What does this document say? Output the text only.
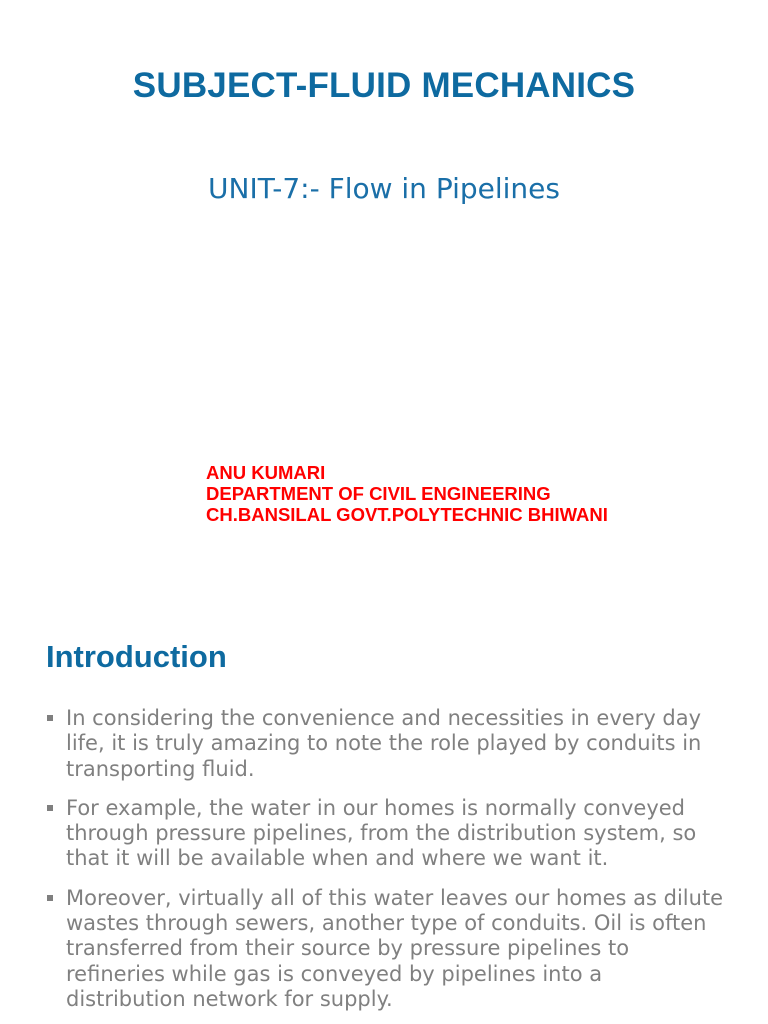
SUBJECT-FLUID MECHANICS
UNIT-7:- Flow in Pipelines
ANU KUMARI
DEPARTMENT OF CIVIL ENGINEERING
CH.BANSILAL GOVT.POLYTECHNIC BHIWANI
Introduction
In considering the convenience and necessities in every day life, it is truly amazing to note the role played by conduits in transporting fluid.
For example, the water in our homes is normally conveyed through pressure pipelines, from the distribution system, so that it will be available when and where we want it.
Moreover, virtually all of this water leaves our homes as dilute wastes through sewers, another type of conduits. Oil is often transferred from their source by pressure pipelines to refineries while gas is conveyed by pipelines into a distribution network for supply.
